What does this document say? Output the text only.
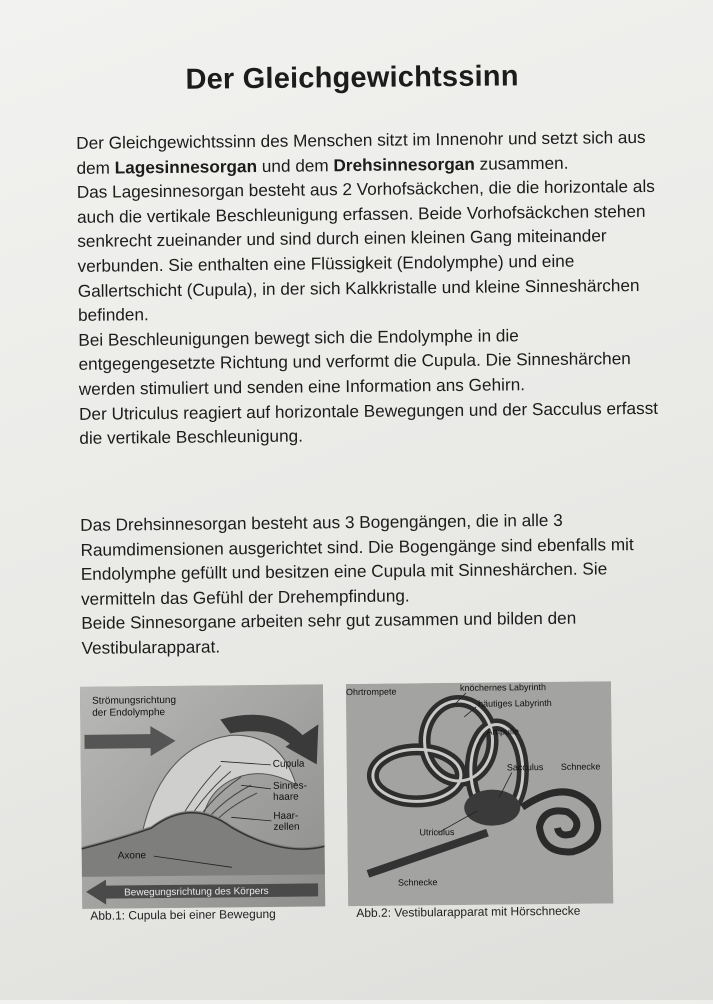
Der Gleichgewichtssinn

Der Gleichgewichtssinn des Menschen sitzt im Innenohr und setzt sich aus dem Lagesinnesorgan und dem Drehsinnesorgan zusammen.

Das Lagesinnesorgan besteht aus 2 Vorhofsäckchen, die die horizontale als auch die vertikale Beschleunigung erfassen. Beide Vorhofsäckchen stehen senkrecht zueinander und sind durch einen kleinen Gang miteinander verbunden. Sie enthalten eine Flüssigkeit (Endolymphe) und eine Gallertschicht (Cupula), in der sich Kalkkristalle und kleine Sinneshärchen befinden.

Bei Beschleunigungen bewegt sich die Endolymphe in die entgegengesetzte Richtung und verformt die Cupula. Die Sinneshärchen werden stimuliert und senden eine Information ans Gehirn.

Der Utriculus reagiert auf horizontale Bewegungen und der Sacculus erfasst die vertikale Beschleunigung.

Das Drehsinnesorgan besteht aus 3 Bogengängen, die in alle 3 Raumdimensionen ausgerichtet sind. Die Bogengänge sind ebenfalls mit Endolymphe gefüllt und besitzen eine Cupula mit Sinneshärchen. Sie vermitteln das Gefühl der Drehempfindung.

Beide Sinnesorgane arbeiten sehr gut zusammen und bilden den Vestibularapparat.

Strömungsrichtung
der Endolymphe
Cupula
Sinnes-
haare
Haar-
zellen
Axone
Bewegungsrichtung des Körpers
Ohrtrompete	knöchernes Labyrinth
häutiges Labyrinth
Ampulle
Sacculus Schnecke
Utriculus
Schnecke
Abb.1: Cupula bei einer Bewegung	Abb.2: Vestibularapparat mit Hörschnecke
